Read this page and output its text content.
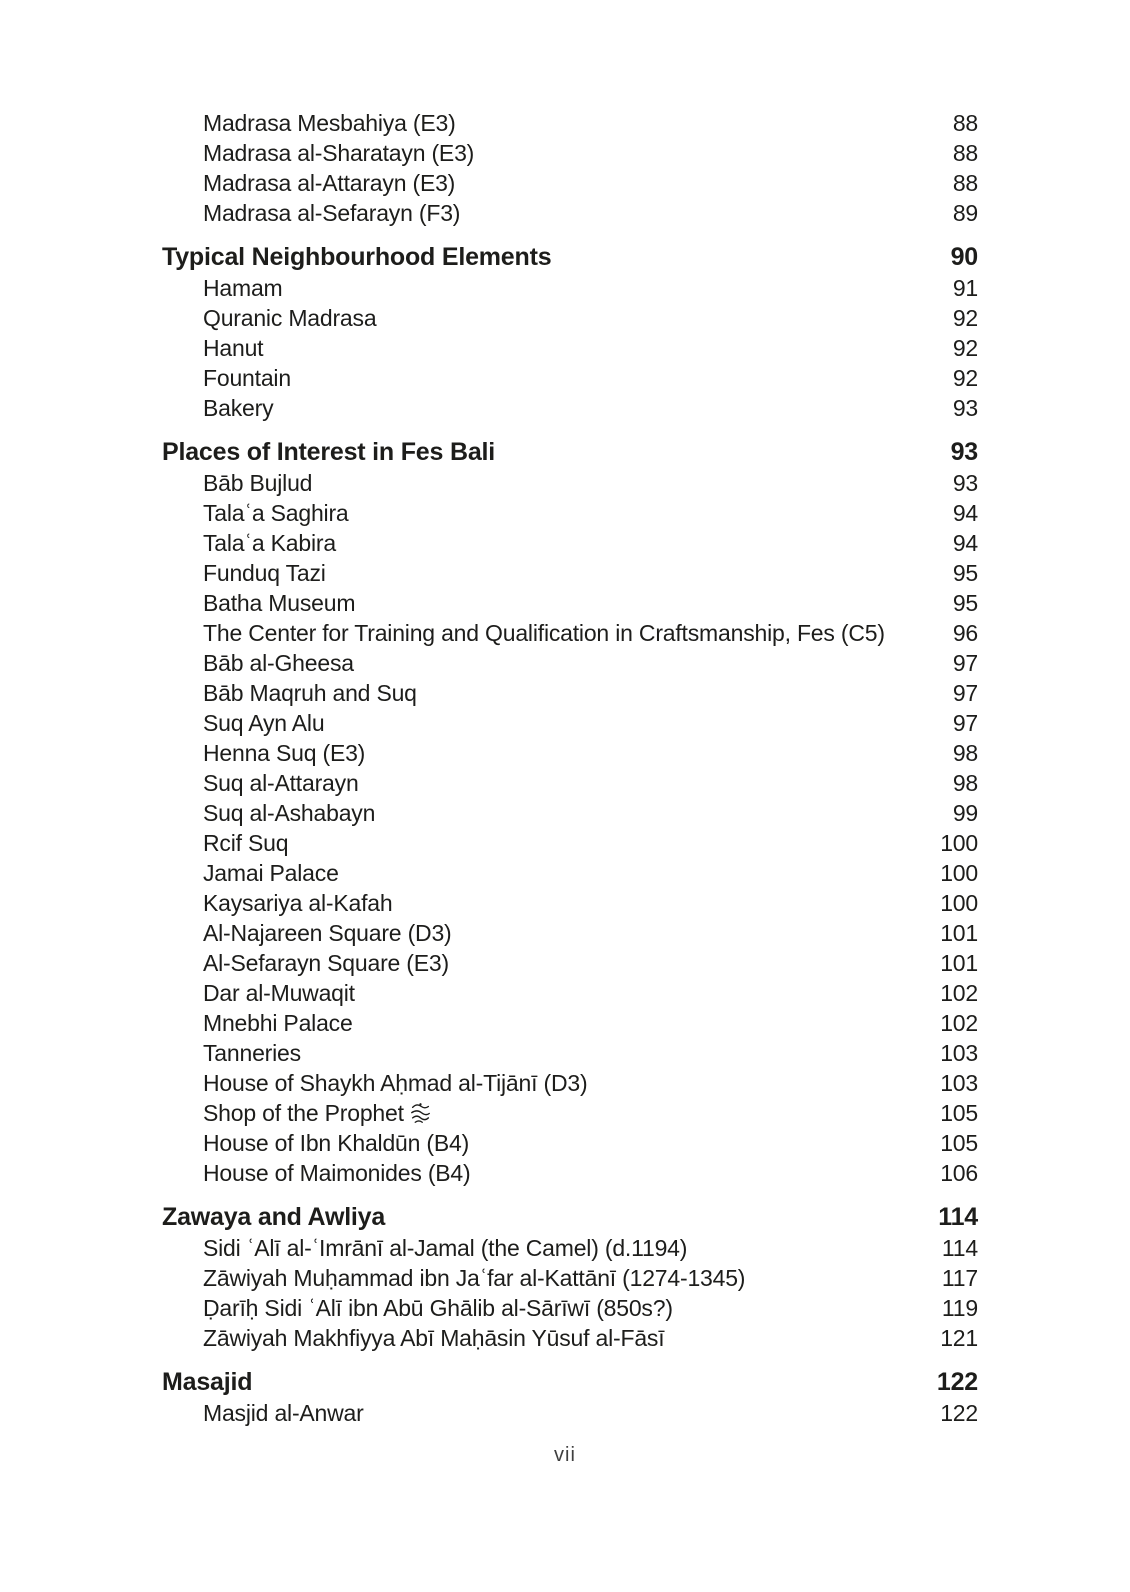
Madrasa Mesbahiya (E3)	88
Madrasa al-Sharatayn (E3)	88
Madrasa al-Attarayn (E3)	88
Madrasa al-Sefarayn (F3)	89
Typical Neighbourhood Elements	90
Hamam	91
Quranic Madrasa	92
Hanut	92
Fountain	92
Bakery	93
Places of Interest in Fes Bali	93
Bāb Bujlud	93
Talaʿa Saghira	94
Talaʿa Kabira	94
Funduq Tazi	95
Batha Museum	95
The Center for Training and Qualification in Craftsmanship, Fes (C5)	96
Bāb al-Gheesa	97
Bāb Maqruh and Suq	97
Suq Ayn Alu	97
Henna Suq (E3)	98
Suq al-Attarayn	98
Suq al-Ashabayn	99
Rcif Suq	100
Jamai Palace	100
Kaysariya al-Kafah	100
Al-Najareen Square (D3)	101
Al-Sefarayn Square (E3)	101
Dar al-Muwaqit	102
Mnebhi Palace	102
Tanneries	103
House of Shaykh Aḥmad al-Tijānī (D3)	103
Shop of the Prophet	105
House of Ibn Khaldūn (B4)	105
House of Maimonides (B4)	106
Zawaya and Awliya	114
Sidi ʿAlī al-ʿImrānī al-Jamal (the Camel) (d.1194)	114
Zāwiyah Muḥammad ibn Jaʿfar al-Kattānī (1274-1345)	117
Ḍarīḥ Sidi ʿAlī ibn Abū Ghālib al-Sārīwī (850s?)	119
Zāwiyah Makhfiyya Abī Maḥāsin Yūsuf al-Fāsī	121
Masajid	122
Masjid al-Anwar	122
vii
